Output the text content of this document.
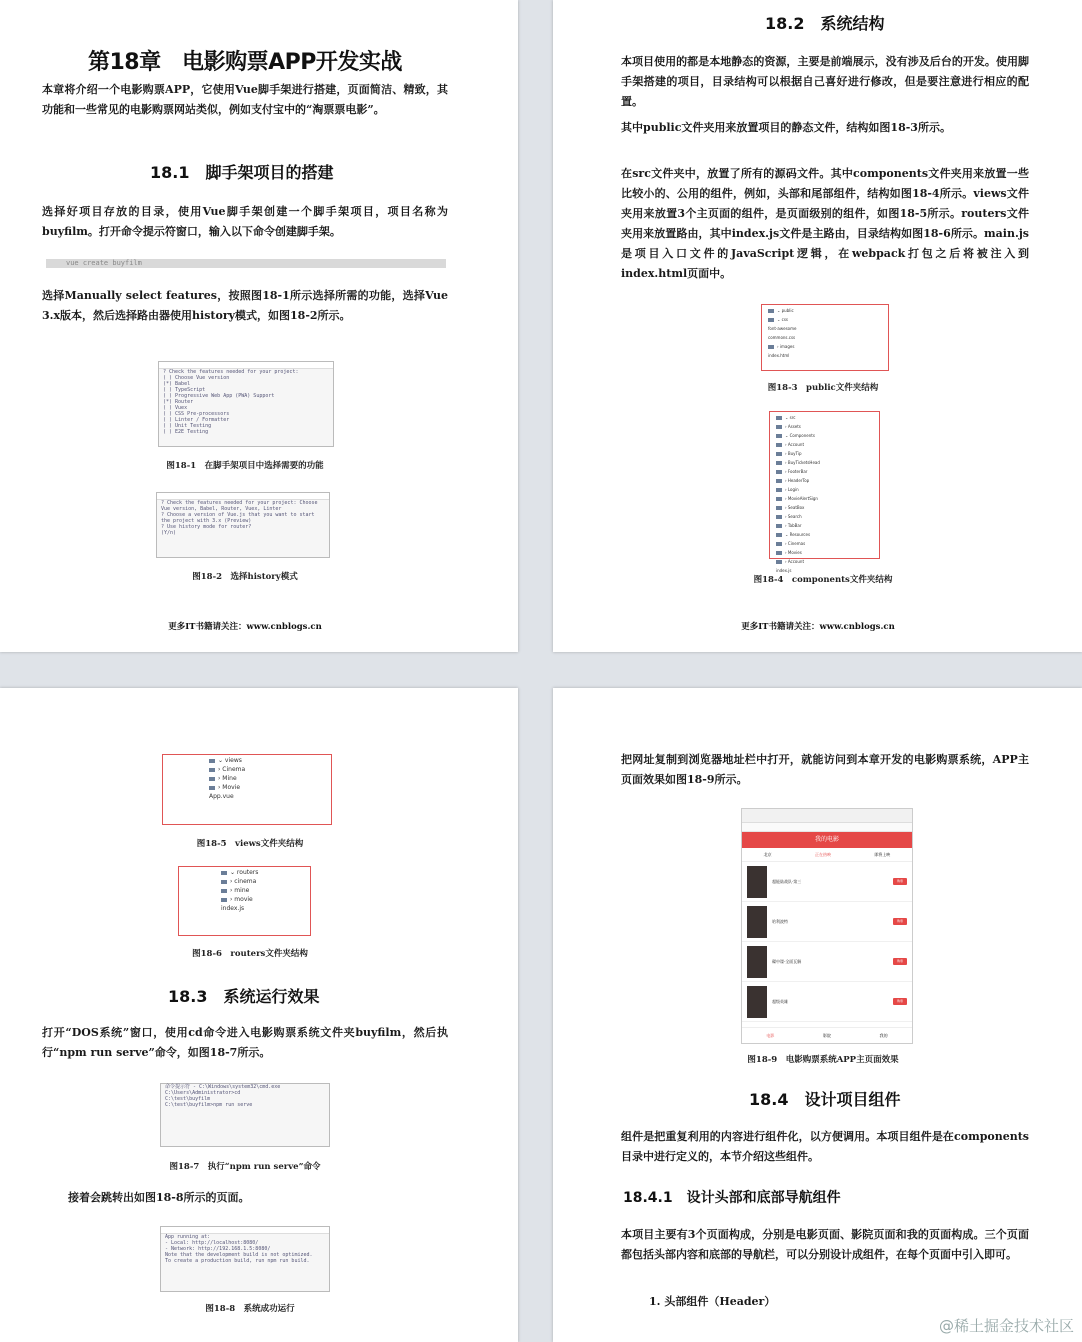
第18章　电影购票APP开发实战
本章将介绍一个电影购票APP，它使用Vue脚手架进行搭建，页面简洁、精致，其功能和一些常见的电影购票网站类似，例如支付宝中的“淘票票电影”。
18.1　脚手架项目的搭建
选择好项目存放的目录，使用Vue脚手架创建一个脚手架项目，项目名称为buyfilm。打开命令提示符窗口，输入以下命令创建脚手架。
vue create buyfilm
选择Manually select features，按照图18-1所示选择所需的功能，选择Vue 3.x版本，然后选择路由器使用history模式，如图18-2所示。
? Check the features needed for your project:
( ) Choose Vue version
(*) Babel
( ) TypeScript
( ) Progressive Web App (PWA) Support
(*) Router
( ) Vuex
( ) CSS Pre-processors
( ) Linter / Formatter
( ) Unit Testing
( ) E2E Testing
图18-1　在脚手架项目中选择需要的功能
? Check the features needed for your project: Choose
Vue version, Babel, Router, Vuex, Linter
? Choose a version of Vue.js that you want to start
the project with 3.x (Preview)
? Use history mode for router?
(Y/n)
图18-2　选择history模式
更多IT书籍请关注：www.cnblogs.cn
18.2　系统结构
本项目使用的都是本地静态的资源，主要是前端展示，没有涉及后台的开发。使用脚手架搭建的项目，目录结构可以根据自己喜好进行修改，但是要注意进行相应的配置。
其中public文件夹用来放置项目的静态文件，结构如图18-3所示。
在src文件夹中，放置了所有的源码文件。其中components文件夹用来放置一些比较小的、公用的组件，例如，头部和尾部组件，结构如图18-4所示。views文件夹用来放置3个主页面的组件，是页面级别的组件，如图18-5所示。routers文件夹用来放置路由，其中index.js文件是主路由，目录结构如图18-6所示。main.js是项目入口文件的JavaScript逻辑，在webpack打包之后将被注入到index.html页面中。
⌄ public
⌄ css
font-awesome
commons.css
› images
index.html
图18-3　public文件夹结构
⌄ src
› Assets
⌄ Components
› Account
› BuyTip
› BuyTicketsHead
› FooterBar
› HeaderTop
› Login
› MovieAlertSign
› SeatBox
› Search
› TabBar
⌄ Resources
› Cinemas
› Movies
› Account
index.js
图18-4　components文件夹结构
更多IT书籍请关注：www.cnblogs.cn
⌄ views
› Cinema
› Mine
› Movie
App.vue
图18-5　views文件夹结构
⌄ routers
› cinema
› mine
› movie
index.js
图18-6　routers文件夹结构
18.3　系统运行效果
打开“DOS系统”窗口，使用cd命令进入电影购票系统文件夹buyfilm，然后执行“npm run serve”命令，如图18-7所示。
命令提示符 - C:\Windows\system32\cmd.exe
C:\Users\Administrator>cd
C:\test\buyfilm
C:\test\buyfilm>npm run serve
图18-7　执行“npm run serve”命令
接着会跳转出如图18-8所示的页面。
App running at:
- Local: http://localhost:8080/
- Network: http://192.168.1.5:8080/
Note that the development build is not optimized.
To create a production build, run npm run build.
图18-8　系统成功运行
把网址复制到浏览器地址栏中打开，就能访问到本章开发的电影购票系统，APP主页面效果如图18-9所示。
我的电影
北京	正在热映	即将上映
超能陆战队·第三	购票
哈利波特	购票
碟中谍·全面瓦解	购票
超级英雄	购票
电影	影院	我的
图18-9　电影购票系统APP主页面效果
18.4　设计项目组件
组件是把重复利用的内容进行组件化，以方便调用。本项目组件是在components目录中进行定义的，本节介绍这些组件。
18.4.1　设计头部和底部导航组件
本项目主要有3个页面构成，分别是电影页面、影院页面和我的页面构成。三个页面都包括头部内容和底部的导航栏，可以分别设计成组件，在每个页面中引入即可。
1. 头部组件（Header）
@稀土掘金技术社区
